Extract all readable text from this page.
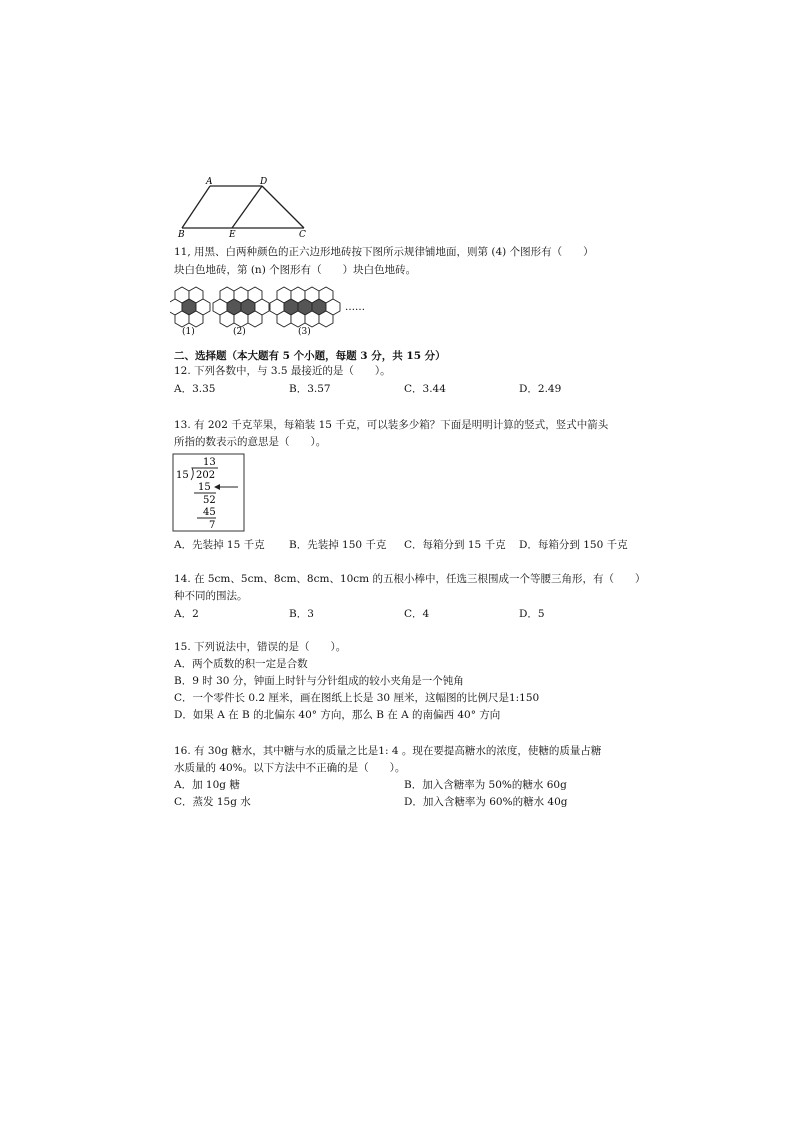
A	D
B	E	C
11, 用黑、白两种颜色的正六边形地砖按下图所示规律铺地面，则第 (4) 个图形有（　　）
块白色地砖，第 (n) 个图形有（　　）块白色地砖。
……
(1)	(2)	(3)
二、选择题（本大题有 5 个小题，每题 3 分，共 15 分）
12. 下列各数中，与 3.5 最接近的是（　　）。
A．3.35	B．3.57	C．3.44	D．2.49
13. 有 202 千克苹果，每箱装 15 千克，可以装多少箱？下面是明明计算的竖式，竖式中箭头
所指的数表示的意思是（　　）。
13
15 202
15
52
45
7
A．先装掉 15 千克 B．先装掉 150 千克 C．每箱分到 15 千克 D．每箱分到 150 千克
14. 在 5cm、5cm、8cm、8cm、10cm 的五根小棒中，任选三根围成一个等腰三角形，有（　　）
种不同的围法。
A．2	B．3	C．4	D．5
15. 下列说法中，错误的是（　　）。
A．两个质数的积一定是合数
B．9 时 30 分，钟面上时针与分针组成的较小夹角是一个钝角
C．一个零件长 0.2 厘米，画在图纸上长是 30 厘米，这幅图的比例尺是1:150
D．如果 A 在 B 的北偏东 40° 方向，那么 B 在 A 的南偏西 40° 方向
16. 有 30g 糖水，其中糖与水的质量之比是1: 4 。现在要提高糖水的浓度，使糖的质量占糖
水质量的 40%。以下方法中不正确的是（　　）。
A．加 10g 糖	B．加入含糖率为 50%的糖水 60g
C．蒸发 15g 水	D．加入含糖率为 60%的糖水 40g
